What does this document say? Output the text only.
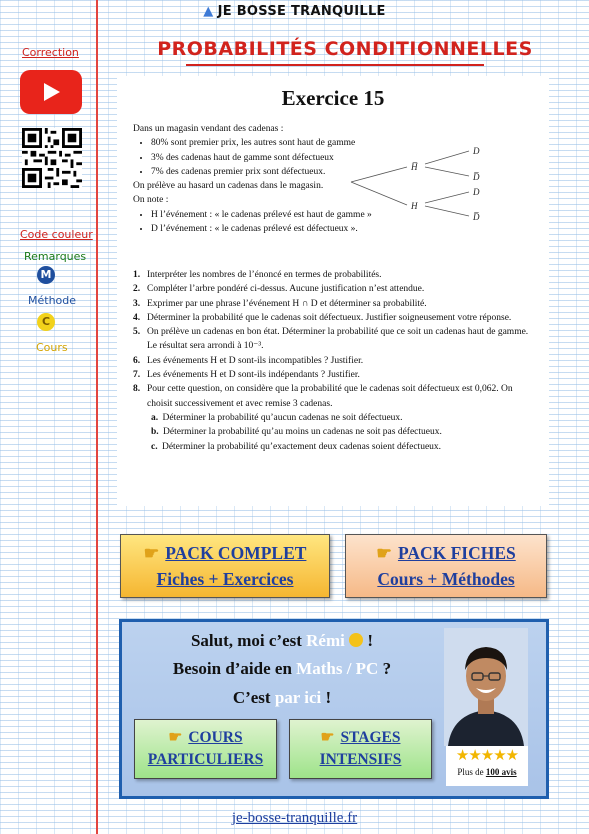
▲ JE BOSSE TRANQUILLE
PROBABILITÉS CONDITIONNELLES
Correction
Code couleur
Remarques
M
Méthode
C
Cours
Exercice 15
Dans un magasin vendant des cadenas :
• 80% sont premier prix, les autres sont haut de gamme
• 3% des cadenas haut de gamme sont défectueux
• 7% des cadenas premier prix sont défectueux.
On prélève au hasard un cadenas dans le magasin.
On note :
• H l’événement : « le cadenas prélevé est haut de gamme »
• D l’événement : « le cadenas prélevé est défectueux ».
H̅
H
D
D̅
D
D̅
1. Interpréter les nombres de l’énoncé en termes de probabilités.
2. Compléter l’arbre pondéré ci-dessus. Aucune justification n’est attendue.
3. Exprimer par une phrase l’événement H ∩ D et déterminer sa probabilité.
4. Déterminer la probabilité que le cadenas soit défectueux. Justifier soigneusement votre réponse.
5. On prélève un cadenas en bon état. Déterminer la probabilité que ce soit un cadenas haut de gamme. Le résultat sera arrondi à 10⁻³.
6. Les événements H et D sont-ils incompatibles ? Justifier.
7. Les événements H et D sont-ils indépendants ? Justifier.
8. Pour cette question, on considère que la probabilité que le cadenas soit défectueux est 0,062. On choisit successivement et avec remise 3 cadenas.
a. Déterminer la probabilité qu’aucun cadenas ne soit défectueux.
b. Déterminer la probabilité qu’au moins un cadenas ne soit pas défectueux.
c. Déterminer la probabilité qu’exactement deux cadenas soient défectueux.
☛ PACK COMPLET
Fiches + Exercices
☛ PACK FICHES
Cours + Méthodes
Salut, moi c’est Rémi  !
Besoin d’aide en Maths / PC ?
C’est par ici !
★★★★★
Plus de 100 avis
☛ COURS
PARTICULIERS
☛ STAGES
INTENSIFS
je-bosse-tranquille.fr
